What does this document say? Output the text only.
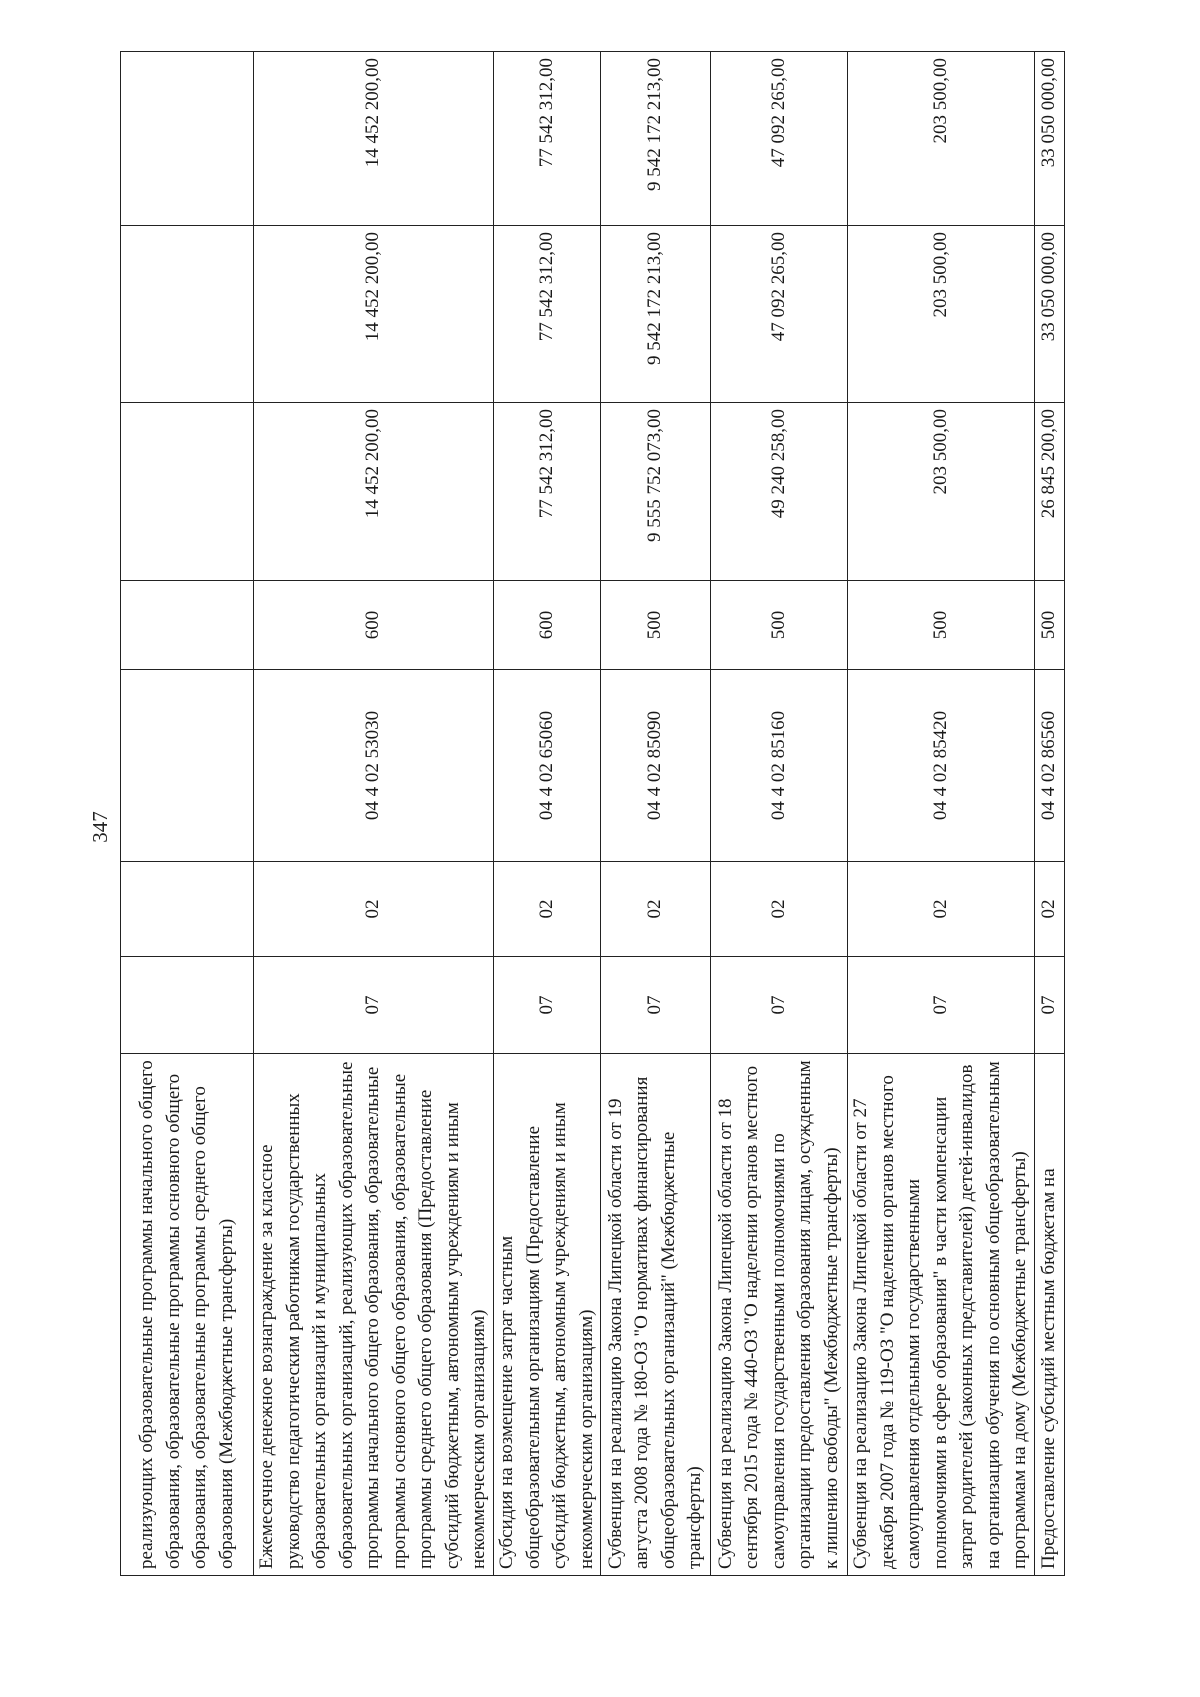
347
реализующих образовательные программы начального общего образования, образовательные программы основного общего образования, образовательные программы среднего общего образования (Межбюджетные трансферты)							
Ежемесячное денежное вознаграждение за классное руководство педагогическим работникам государственных образовательных организаций и муниципальных образовательных организаций, реализующих образовательные программы начального общего образования, образовательные программы основного общего образования, образовательные программы среднего общего образования (Предоставление субсидий бюджетным, автономным учреждениям и иным некоммерческим организациям)	07	02	04 4 02 53030	600	14 452 200,00	14 452 200,00	14 452 200,00
Субсидия на возмещение затрат частным общеобразовательным организациям (Предоставление субсидий бюджетным, автономным учреждениям и иным некоммерческим организациям)	07	02	04 4 02 65060	600	77 542 312,00	77 542 312,00	77 542 312,00
Субвенция на реализацию Закона Липецкой области от 19 августа 2008 года № 180-ОЗ "О нормативах финансирования общеобразовательных организаций" (Межбюджетные трансферты)	07	02	04 4 02 85090	500	9 555 752 073,00	9 542 172 213,00	9 542 172 213,00
Субвенция на реализацию Закона Липецкой области от 18 сентября 2015 года № 440-ОЗ "О наделении органов местного самоуправления государственными полномочиями по организации предоставления образования лицам, осужденным к лишению свободы" (Межбюджетные трансферты)	07	02	04 4 02 85160	500	49 240 258,00	47 092 265,00	47 092 265,00
Субвенция на реализацию Закона Липецкой области от 27 декабря 2007 года № 119-ОЗ "О наделении органов местного самоуправления отдельными государственными полномочиями в сфере образования" в части компенсации затрат родителей (законных представителей) детей-инвалидов на организацию обучения по основным общеобразовательным программам на дому (Межбюджетные трансферты)	07	02	04 4 02 85420	500	203 500,00	203 500,00	203 500,00
Предоставление субсидий местным бюджетам на	07	02	04 4 02 86560	500	26 845 200,00	33 050 000,00	33 050 000,00
